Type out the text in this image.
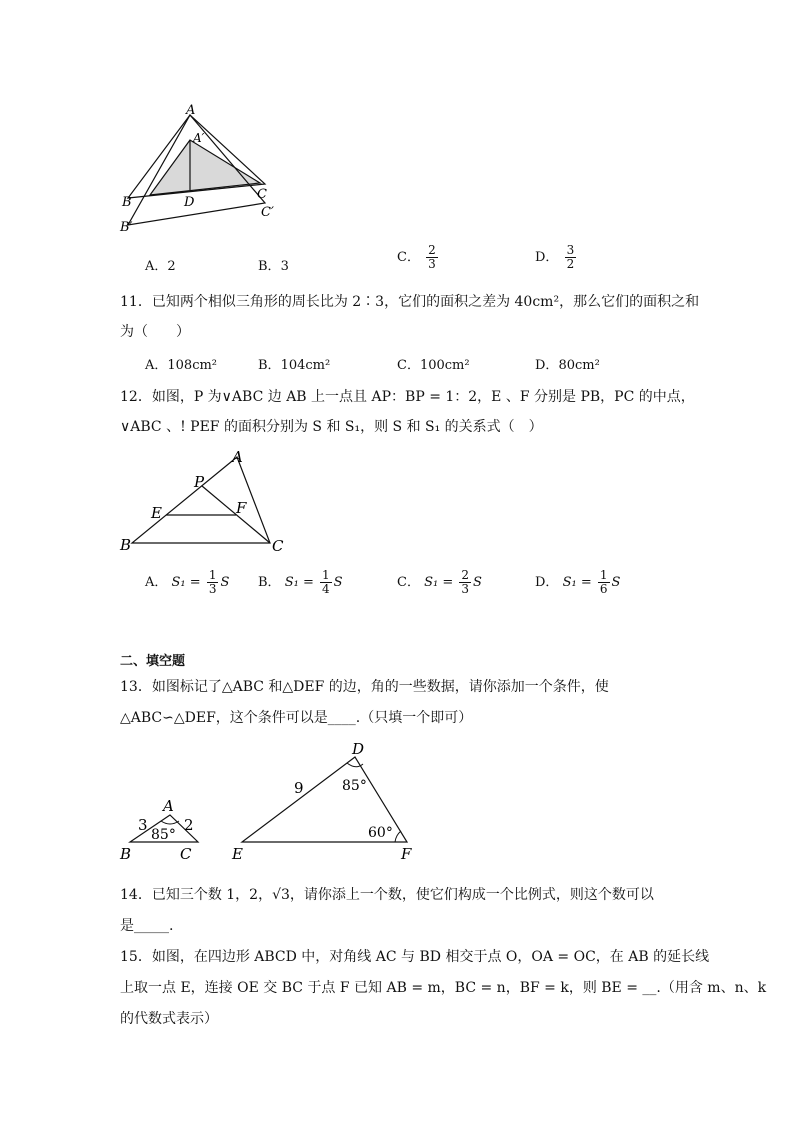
A
A′
B
C
D
B′
C′
A．2	B．3
C． $\frac{2}{3}$	D． $\frac{3}{2}$
11．已知两个相似三角形的周长比为 2∶3，它们的面积之差为 40cm²，那么它们的面积之和
为（　　）
A．108cm²	B．104cm²	C．100cm²	D．80cm²
12．如图，P 为∨ABC 边 AB 上一点且 AP：BP = 1：2，E 、F 分别是 PB，PC 的中点，
∨ABC 、! PEF 的面积分别为 S 和 S₁，则 S 和 S₁ 的关系式（　）
A
P
E	F
B	C
A． $S_1 = \frac{1}{3}$ S B． $S_1 = \frac{1}{4}$ S	C． $S_1 = \frac{2}{3}$ S	D． $S_1 = \frac{1}{6}$ S
二、填空题
13．如图标记了△ABC 和△DEF 的边，角的一些数据，请你添加一个条件，使
△ABC∽△DEF，这个条件可以是____.（只填一个即可）
A
B	C
3 2
85°
D
E	F
9	85°
60°
14．已知三个数 1，2，√3，请你添上一个数，使它们构成一个比例式，则这个数可以
是_____.
15．如图，在四边形 ABCD 中，对角线 AC 与 BD 相交于点 O，OA = OC，在 AB 的延长线
上取一点 E，连接 OE 交 BC 于点 F 已知 AB = m，BC = n，BF = k，则 BE = __.（用含 m、n、k
的代数式表示）
